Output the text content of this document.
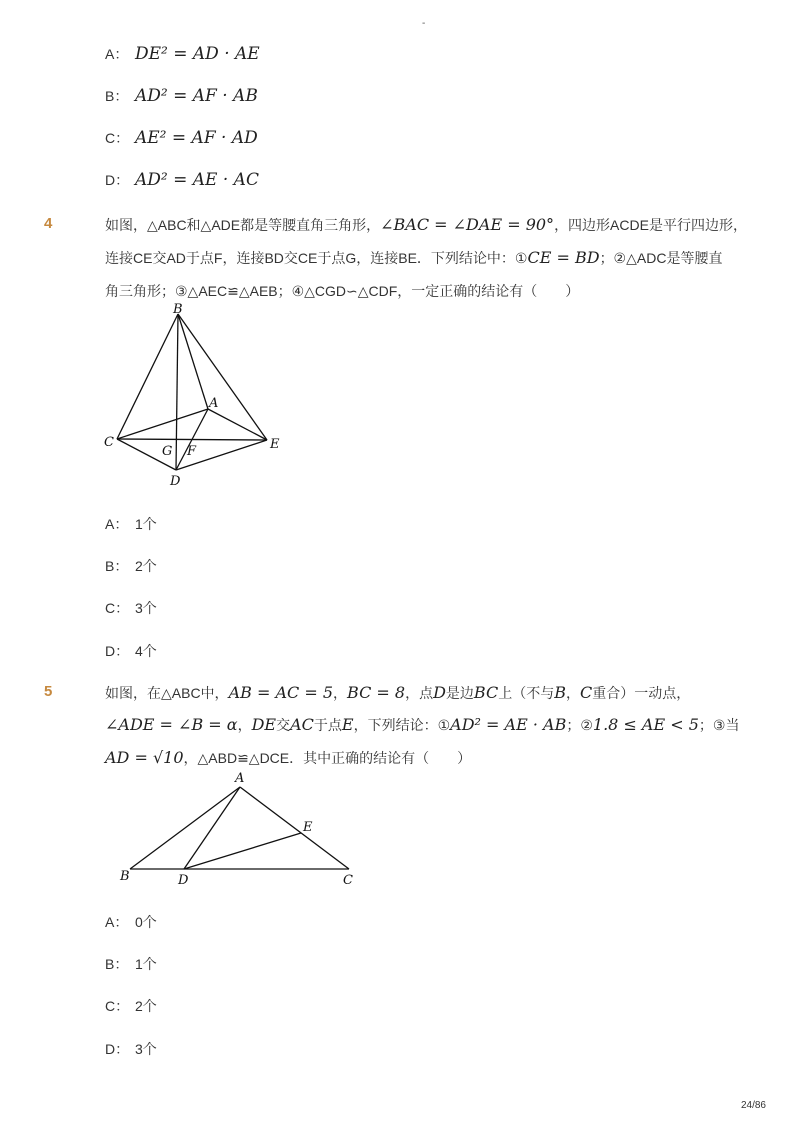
-
A： DE² = AD · AE
B： AD² = AF · AB
C： AE² = AF · AD
D： AD² = AE · AC
4	如图，△ABC和△ADE都是等腰直角三角形，∠BAC = ∠DAE = 90°，四边形ACDE是平行四边形，
连接CE交AD于点F，连接BD交CE于点G，连接BE．下列结论中：①CE = BD；②△ADC是等腰直
角三角形；③△AEC≌△AEB；④△CGD∽△CDF，一定正确的结论有（　　）
B
A
C
G F	E
D
A： 1个
B： 2个
C： 3个
D： 4个
5	如图，在△ABC中，AB = AC = 5，BC = 8，点D是边BC上（不与B，C重合）一动点，
∠ADE = ∠B = α，DE交AC于点E，下列结论：①AD² = AE · AB；②1.8 ≤ AE < 5；③当
AD = √10，△ABD≌△DCE．其中正确的结论有（　　）
A
E
B	D	C
A： 0个
B： 1个
C： 2个
D： 3个
24/86
